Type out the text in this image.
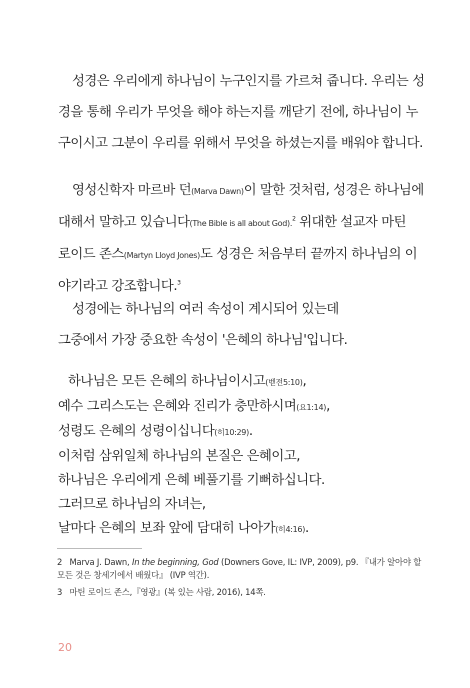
성경은 우리에게 하나님이 누구인지를 가르쳐 줍니다. 우리는 성
경을 통해 우리가 무엇을 해야 하는지를 깨닫기 전에, 하나님이 누
구이시고 그분이 우리를 위해서 무엇을 하셨는지를 배워야 합니다.

영성신학자 마르바 던(Marva Dawn)이 말한 것처럼, 성경은 하나님에
대해서 말하고 있습니다(The Bible is all about God).$^2$ 위대한 설교자 마틴
로이드 존스(Martyn Lloyd Jones)도 성경은 처음부터 끝까지 하나님의 이
야기라고 강조합니다.$^3$

성경에는 하나님의 여러 속성이 계시되어 있는데
그중에서 가장 중요한 속성이 '은혜의 하나님'입니다.

하나님은 모든 은혜의 하나님이시고(벧전5:10),
예수 그리스도는 은혜와 진리가 충만하시며(요1:14),
성령도 은혜의 성령이십니다(히10:29).
이처럼 삼위일체 하나님의 본질은 은혜이고,
하나님은 우리에게 은혜 베풀기를 기뻐하십니다.
그러므로 하나님의 자녀는,
날마다 은혜의 보좌 앞에 담대히 나아가(히4:16).

2 Marva J. Dawn, In the beginning, God (Downers Gove, IL: IVP, 2009), p9. 『내가 알아야 할
모든 것은 창세기에서 배웠다』 (IVP 역간).
3 마틴 로이드 존스,『영광』(복 있는 사람, 2016), 14쪽.
20
